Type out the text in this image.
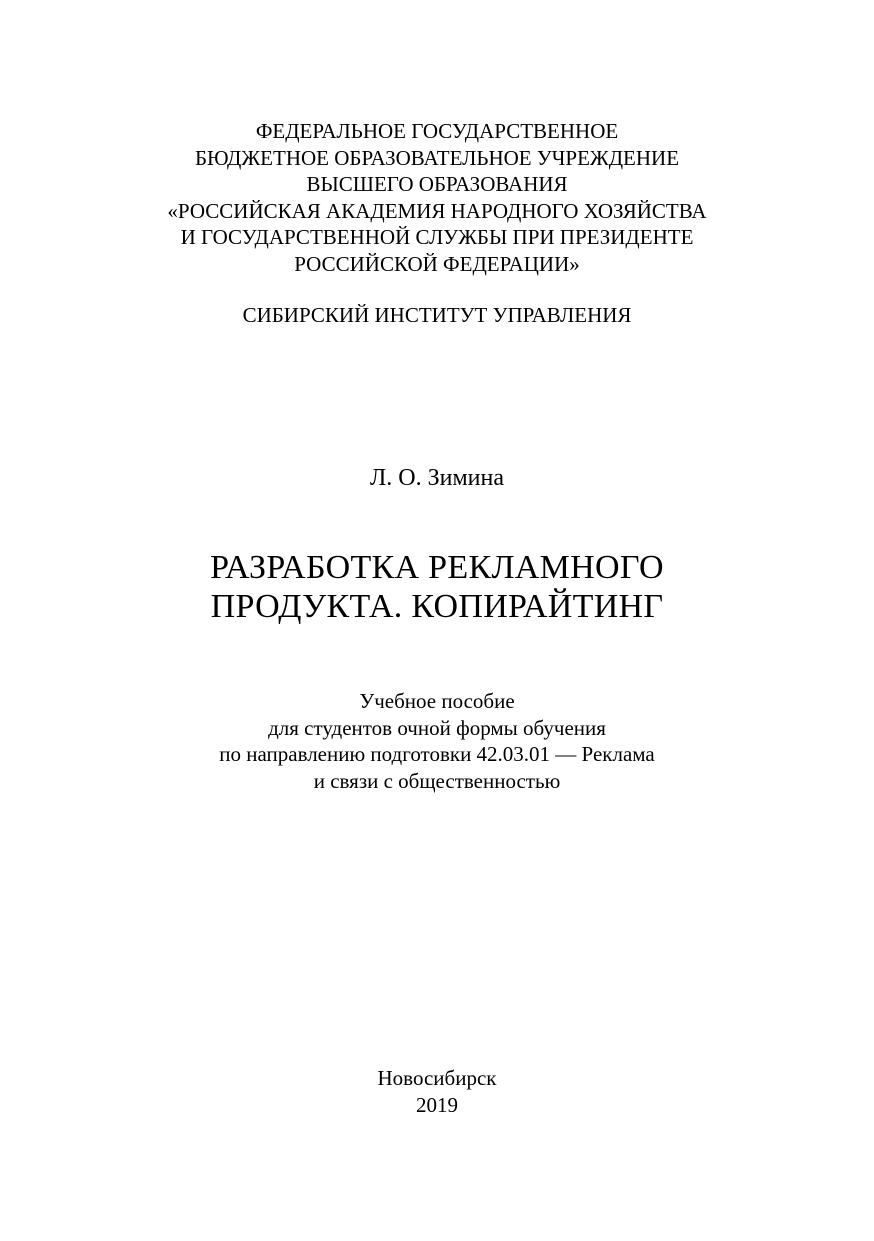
ФЕДЕРАЛЬНОЕ ГОСУДАРСТВЕННОЕ
БЮДЖЕТНОЕ ОБРАЗОВАТЕЛЬНОЕ УЧРЕЖДЕНИЕ
ВЫСШЕГО ОБРАЗОВАНИЯ
«РОССИЙСКАЯ АКАДЕМИЯ НАРОДНОГО ХОЗЯЙСТВА
И ГОСУДАРСТВЕННОЙ СЛУЖБЫ ПРИ ПРЕЗИДЕНТЕ
РОССИЙСКОЙ ФЕДЕРАЦИИ»
СИБИРСКИЙ ИНСТИТУТ УПРАВЛЕНИЯ
Л. О. Зимина
РАЗРАБОТКА РЕКЛАМНОГО
ПРОДУКТА. КОПИРАЙТИНГ
Учебное пособие
для студентов очной формы обучения
по направлению подготовки 42.03.01 — Реклама
и связи с общественностью
Новосибирск
2019
